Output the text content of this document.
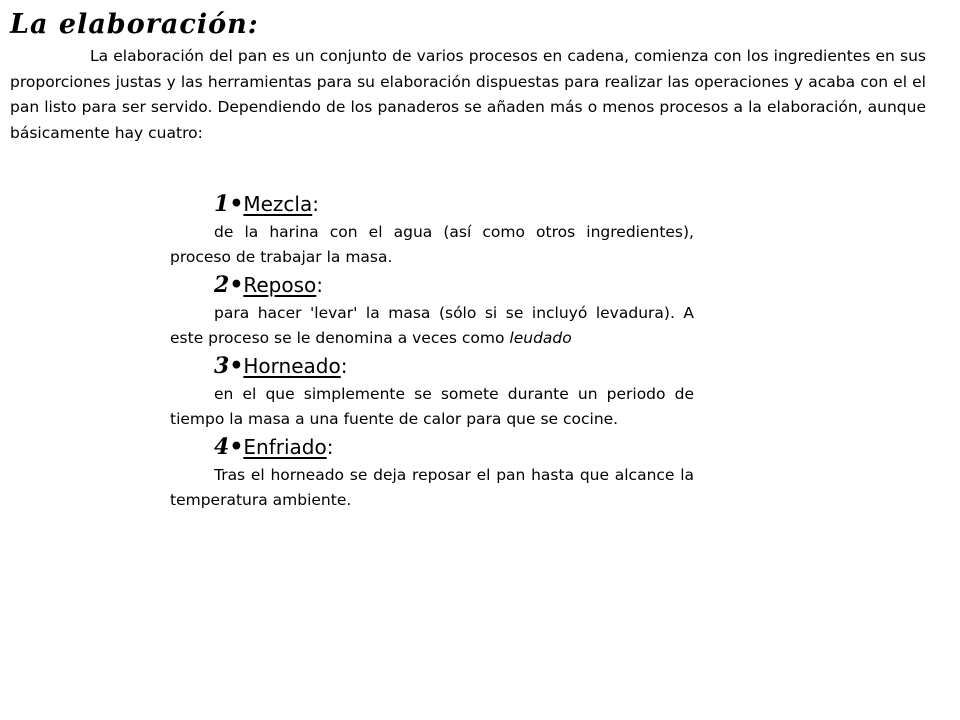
La elaboración:

La elaboración del pan es un conjunto de varios procesos en cadena, comienza con los ingredientes en sus proporciones justas y las herramientas para su elaboración dispuestas para realizar las operaciones y acaba con el el pan listo para ser servido. Dependiendo de los panaderos se añaden más o menos procesos a la elaboración, aunque básicamente hay cuatro:

1 • Mezcla :

de la harina con el agua (así como otros ingredientes), proceso de trabajar la masa.

2 • Reposo :

para hacer 'levar' la masa (sólo si se incluyó levadura). A este proceso se le denomina a veces como leudado

3 • Horneado :

en el que simplemente se somete durante un periodo de tiempo la masa a una fuente de calor para que se cocine.

4 • Enfriado :

Tras el horneado se deja reposar el pan hasta que alcance la temperatura ambiente.
